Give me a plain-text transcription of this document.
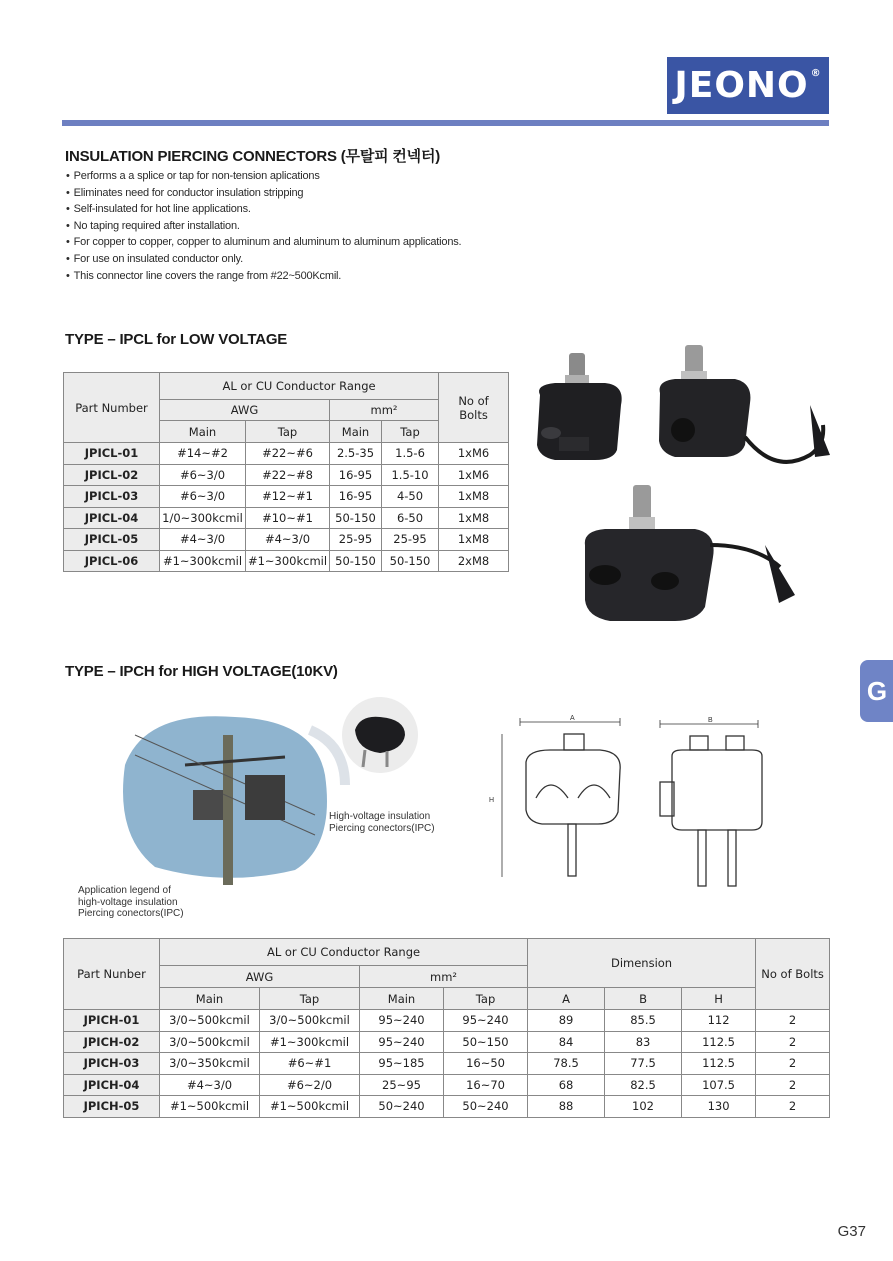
JEONO®
INSULATION PIERCING CONNECTORS (무탈피 컨넥터)
• Performs a a splice or tap for non-tension aplications
• Eliminates need for conductor insulation stripping
• Self-insulated for hot line applications.
• No taping required after installation.
• For copper to copper, copper to aluminum and aluminum to aluminum applications.
• For use on insulated conductor only.
• This connector line covers the range from #22~500Kcmil.
TYPE – IPCL for LOW VOLTAGE
Part Number	AL or CU Conductor Range				No of Bolts
	AWG		mm²		
	Main	Tap	Main	Tap	
JPICL-01	#14~#2	#22~#6	2.5-35	1.5-6	1xM6
JPICL-02	#6~3/0	#22~#8	16-95	1.5-10	1xM6
JPICL-03	#6~3/0	#12~#1	16-95	4-50	1xM8
JPICL-04	1/0~300kcmil	#10~#1	50-150	6-50	1xM8
JPICL-05	#4~3/0	#4~3/0	25-95	25-95	1xM8
JPICL-06	#1~300kcmil	#1~300kcmil	50-150	50-150	2xM8
TYPE – IPCH for HIGH VOLTAGE(10KV)
High-voltage insulation
Piercing conectors(IPC)
Application legend of
high-voltage insulation
Piercing conectors(IPC)
A	B
H
Part Nunber	AL or CU Conductor Range				Dimension			No of Bolts
	AWG		mm²					
	Main	Tap	Main	Tap	A	B	H	
JPICH-01	3/0~500kcmil	3/0~500kcmil	95~240	95~240	89	85.5	112	2
JPICH-02	3/0~500kcmil	#1~300kcmil	95~240	50~150	84	83	112.5	2
JPICH-03	3/0~350kcmil	#6~#1	95~185	16~50	78.5	77.5	112.5	2
JPICH-04	#4~3/0	#6~2/0	25~95	16~70	68	82.5	107.5	2
JPICH-05	#1~500kcmil	#1~500kcmil	50~240	50~240	88	102	130	2
G
G37
